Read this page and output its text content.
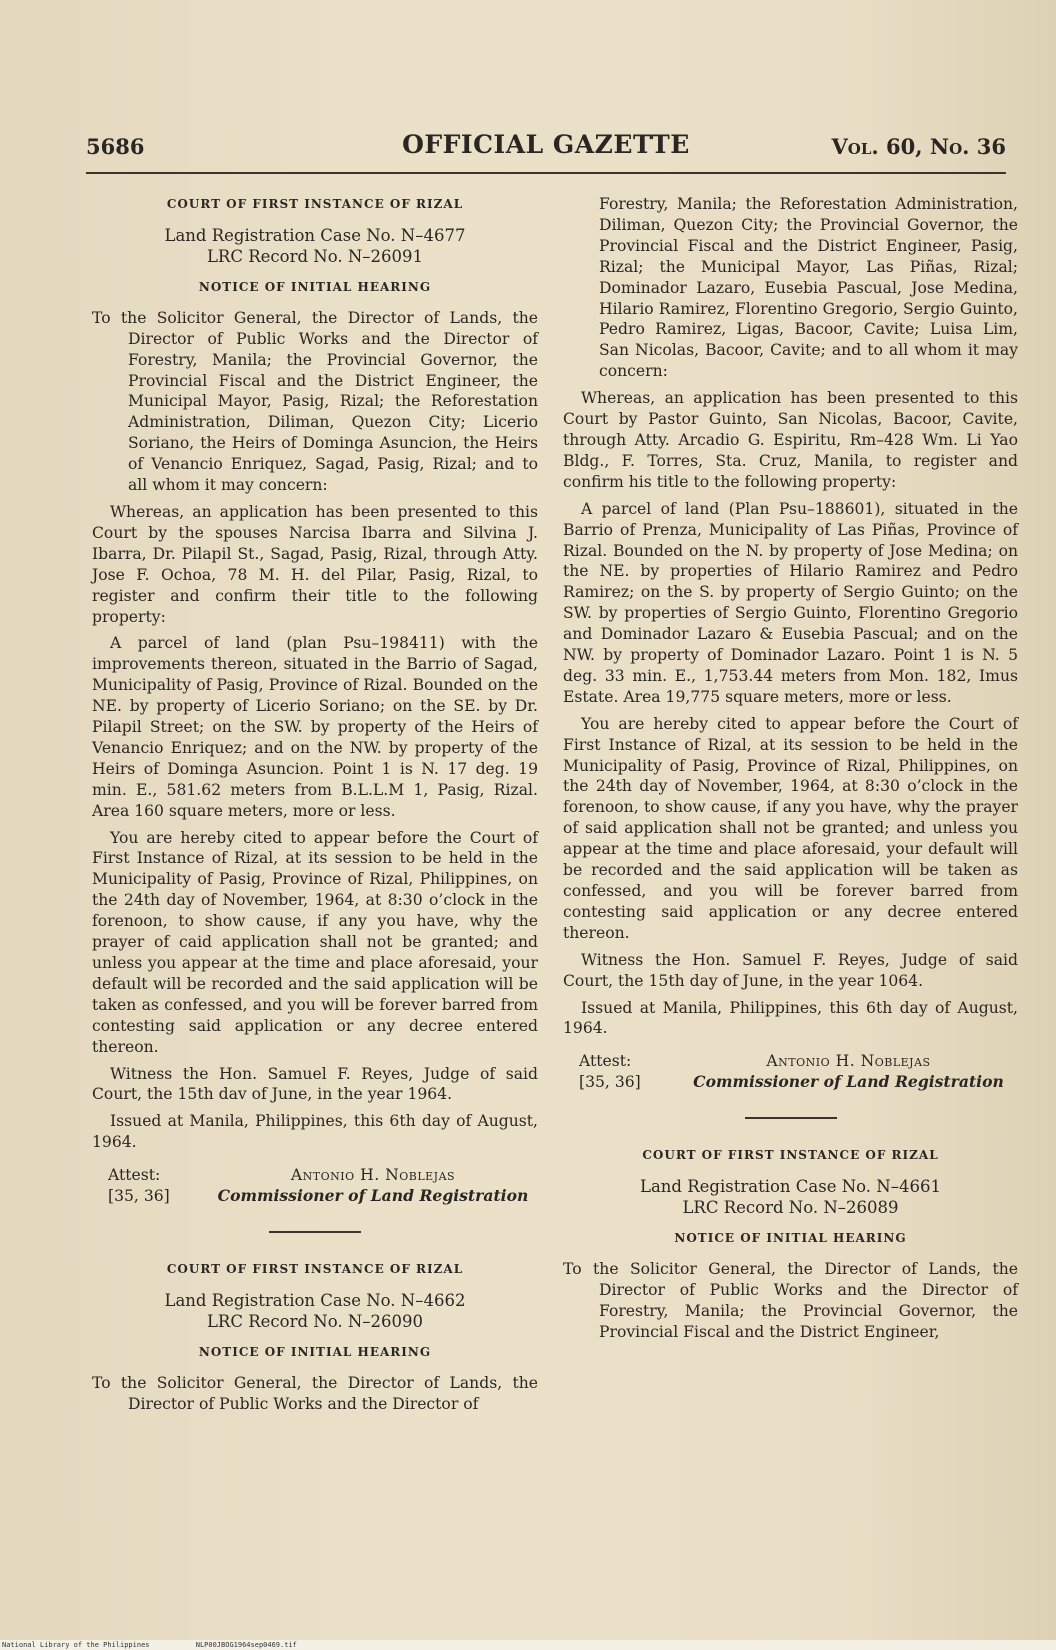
5686	OFFICIAL GAZETTE	Vol. 60, No. 36
COURT OF FIRST INSTANCE OF RIZAL
Land Registration Case No. N–4677
LRC Record No. N–26091
NOTICE OF INITIAL HEARING

To the Solicitor General, the Director of Lands, the Director of Public Works and the Director of Forestry, Manila; the Provincial Governor, the Provincial Fiscal and the District Engineer, the Municipal Mayor, Pasig, Rizal; the Reforestation Administration, Diliman, Quezon City; Licerio Soriano, the Heirs of Dominga Asuncion, the Heirs of Venancio Enriquez, Sagad, Pasig, Rizal; and to all whom it may concern:

Whereas, an application has been presented to this Court by the spouses Narcisa Ibarra and Silvina J. Ibarra, Dr. Pilapil St., Sagad, Pasig, Rizal, through Atty. Jose F. Ochoa, 78 M. H. del Pilar, Pasig, Rizal, to register and confirm their title to the following property:

A parcel of land (plan Psu–198411) with the improvements thereon, situated in the Barrio of Sagad, Municipality of Pasig, Province of Rizal. Bounded on the NE. by property of Licerio Soriano; on the SE. by Dr. Pilapil Street; on the SW. by property of the Heirs of Venancio Enriquez; and on the NW. by property of the Heirs of Dominga Asuncion. Point 1 is N. 17 deg. 19 min. E., 581.62 meters from B.L.L.M 1, Pasig, Rizal. Area 160 square meters, more or less.

You are hereby cited to appear before the Court of First Instance of Rizal, at its session to be held in the Municipality of Pasig, Province of Rizal, Philippines, on the 24th day of November, 1964, at 8:30 o’clock in the forenoon, to show cause, if any you have, why the prayer of caid application shall not be granted; and unless you appear at the time and place aforesaid, your default will be recorded and the said application will be taken as confessed, and you will be forever barred from contesting said application or any decree entered thereon.

Witness the Hon. Samuel F. Reyes, Judge of said Court, the 15th dav of June, in the year 1964.

Issued at Manila, Philippines, this 6th day of August, 1964.

Attest:	Antonio H. Noblejas
[35, 36]	Commissioner of Land Registration
COURT OF FIRST INSTANCE OF RIZAL
Land Registration Case No. N–4662
LRC Record No. N–26090
NOTICE OF INITIAL HEARING

To the Solicitor General, the Director of Lands, the Director of Public Works and the Director of

Forestry, Manila; the Reforestation Administration, Diliman, Quezon City; the Provincial Governor, the Provincial Fiscal and the District Engineer, Pasig, Rizal; the Municipal Mayor, Las Piñas, Rizal; Dominador Lazaro, Eusebia Pascual, Jose Medina, Hilario Ramirez, Florentino Gregorio, Sergio Guinto, Pedro Ramirez, Ligas, Bacoor, Cavite; Luisa Lim, San Nicolas, Bacoor, Cavite; and to all whom it may concern:

Whereas, an application has been presented to this Court by Pastor Guinto, San Nicolas, Bacoor, Cavite, through Atty. Arcadio G. Espiritu, Rm–428 Wm. Li Yao Bldg., F. Torres, Sta. Cruz, Manila, to register and confirm his title to the following property:

A parcel of land (Plan Psu–188601), situated in the Barrio of Prenza, Municipality of Las Piñas, Province of Rizal. Bounded on the N. by property of Jose Medina; on the NE. by properties of Hilario Ramirez and Pedro Ramirez; on the S. by property of Sergio Guinto; on the SW. by properties of Sergio Guinto, Florentino Gregorio and Dominador Lazaro & Eusebia Pascual; and on the NW. by property of Dominador Lazaro. Point 1 is N. 5 deg. 33 min. E., 1,753.44 meters from Mon. 182, Imus Estate. Area 19,775 square meters, more or less.

You are hereby cited to appear before the Court of First Instance of Rizal, at its session to be held in the Municipality of Pasig, Province of Rizal, Philippines, on the 24th day of November, 1964, at 8:30 o’clock in the forenoon, to show cause, if any you have, why the prayer of said application shall not be granted; and unless you appear at the time and place aforesaid, your default will be recorded and the said application will be taken as confessed, and you will be forever barred from contesting said application or any decree entered thereon.

Witness the Hon. Samuel F. Reyes, Judge of said Court, the 15th day of June, in the year 1064.

Issued at Manila, Philippines, this 6th day of August, 1964.

Attest:	Antonio H. Noblejas
[35, 36]	Commissioner of Land Registration
COURT OF FIRST INSTANCE OF RIZAL
Land Registration Case No. N–4661
LRC Record No. N–26089
NOTICE OF INITIAL HEARING

To the Solicitor General, the Director of Lands, the Director of Public Works and the Director of Forestry, Manila; the Provincial Governor, the Provincial Fiscal and the District Engineer,

National Library of the Philippines	NLP00JBOG1964sep0469.tif
